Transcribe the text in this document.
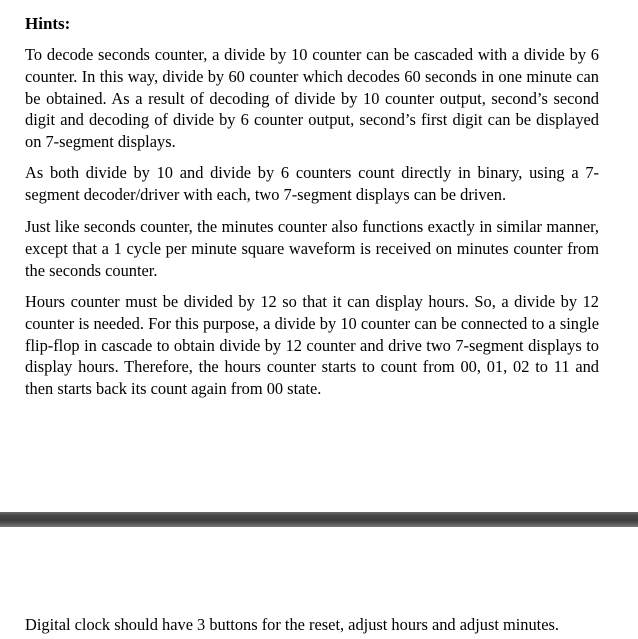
Hints:

To decode seconds counter, a divide by 10 counter can be cascaded with a divide by 6 counter. In this way, divide by 60 counter which decodes 60 seconds in one minute can be obtained. As a result of decoding of divide by 10 counter output, second’s second digit and decoding of divide by 6 counter output, second’s first digit can be displayed on 7-segment displays.

As both divide by 10 and divide by 6 counters count directly in binary, using a 7-segment decoder/driver with each, two 7-segment displays can be driven.

Just like seconds counter, the minutes counter also functions exactly in similar manner, except that a 1 cycle per minute square waveform is received on minutes counter from the seconds counter.

Hours counter must be divided by 12 so that it can display hours. So, a divide by 12 counter is needed. For this purpose, a divide by 10 counter can be connected to a single flip-flop in cascade to obtain divide by 12 counter and drive two 7-segment displays to display hours. Therefore, the hours counter starts to count from 00, 01, 02 to 11 and then starts back its count again from 00 state.

Digital clock should have 3 buttons for the reset, adjust hours and adjust minutes.
